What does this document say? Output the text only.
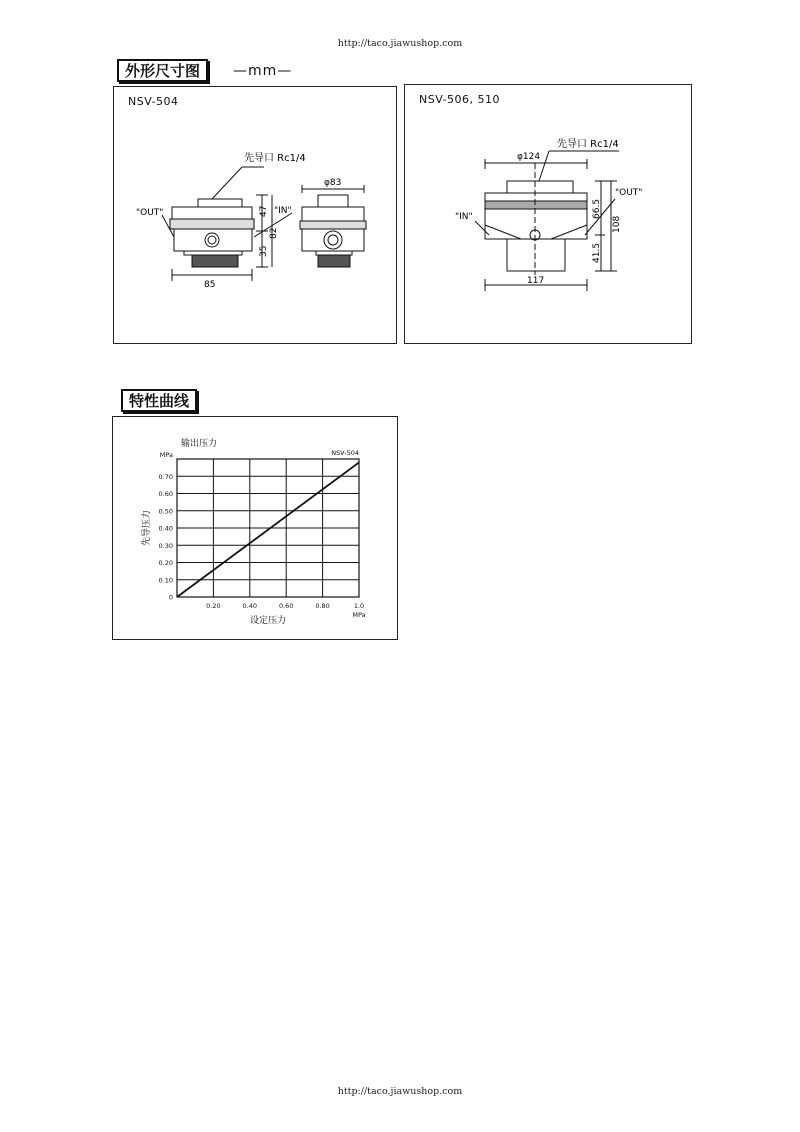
http://taco.jiawushop.com
外形尺寸图	—mm—
NSV-504
先导口 Rc1/4
"OUT"	"IN"
47
82
35
85
φ83
NSV-506, 510
先导口 Rc1/4
φ124
"OUT"
"IN"	66.5
108
41.5
117
特性曲线
0
0.10
0.20
0.30
0.40
0.50
0.60
0.70
0.20	0.40	0.60	0.80	1.0
MPa
MPa
输出压力
设定压力
先导压力
NSV-504
http://taco.jiawushop.com
